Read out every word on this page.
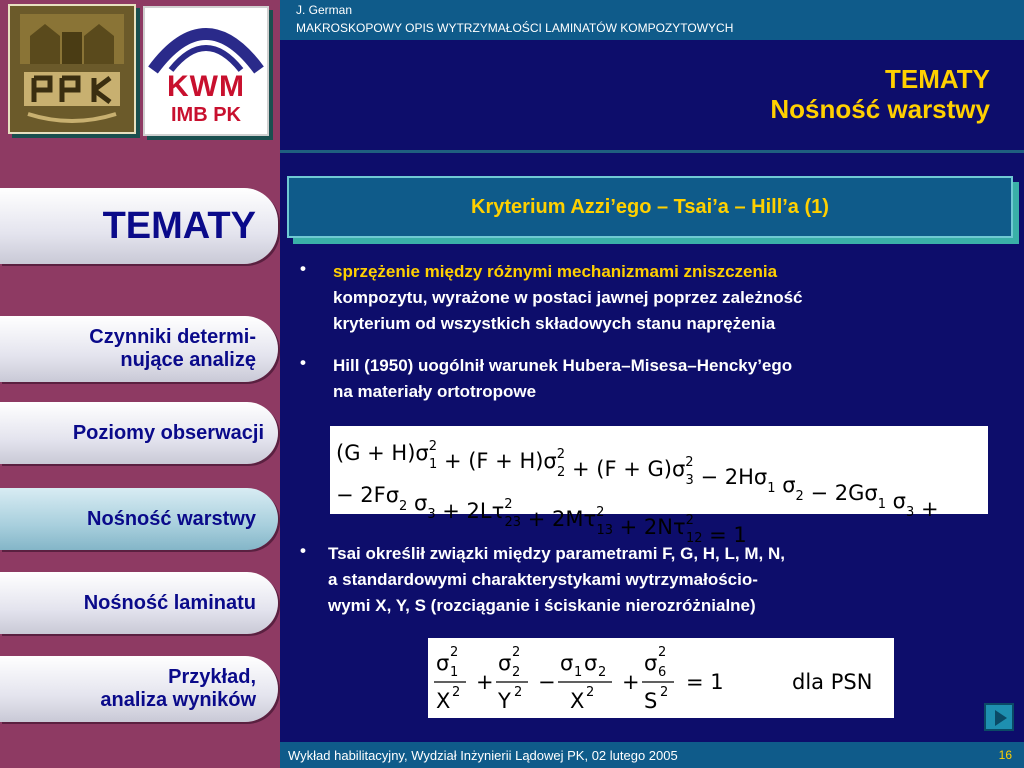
KWM
IMB PK
TEMATY
Czynniki determi-
nujące analizę
Poziomy obserwacji
Nośność warstwy
Nośność laminatu
Przykład,
analiza wyników
J. German
MAKROSKOPOWY OPIS WYTRZYMAŁOŚCI LAMINATÓW KOMPOZYTOWYCH
TEMATY
Nośność warstwy
Kryterium Azzi’ego – Tsai’a – Hill’a (1)
• sprzężenie między różnymi mechanizmami zniszczenia
kompozytu, wyrażone w postaci jawnej poprzez zależność
kryterium od wszystkich składowych stanu naprężenia
• Hill (1950) uogólnił warunek Hubera–Misesa–Hencky’ego
na materiały ortotropowe
$(G + H)\sigma^2$ $1 + (F + H)\sigma^2$ $2 + (F + G)\sigma^2$ $3 - 2H\sigma_1$ $\sigma_2 - 2G\sigma_1$ $\sigma_3$ +
− $2F\sigma_2$ $\sigma_3 + 2L\tau^2$ $23 + 2M\tau^2$ $13 + 2N\tau^2$ 12 = 1
• Tsai określił związki między parametrami F, G, H, L, M, N,
a standardowymi charakterystykami wytrzymałościo-
wymi X, Y, S (rozciąganie i ściskanie nierozróżnialne)
σ 2
1
X 2 +
σ 2
2
Y 2 −
σ 1 σ 2
X 2 +
σ 2
6
S 2 = 1	dla PSN
Wykład habilitacyjny, Wydział Inżynierii Lądowej PK, 02 lutego 2005	16
